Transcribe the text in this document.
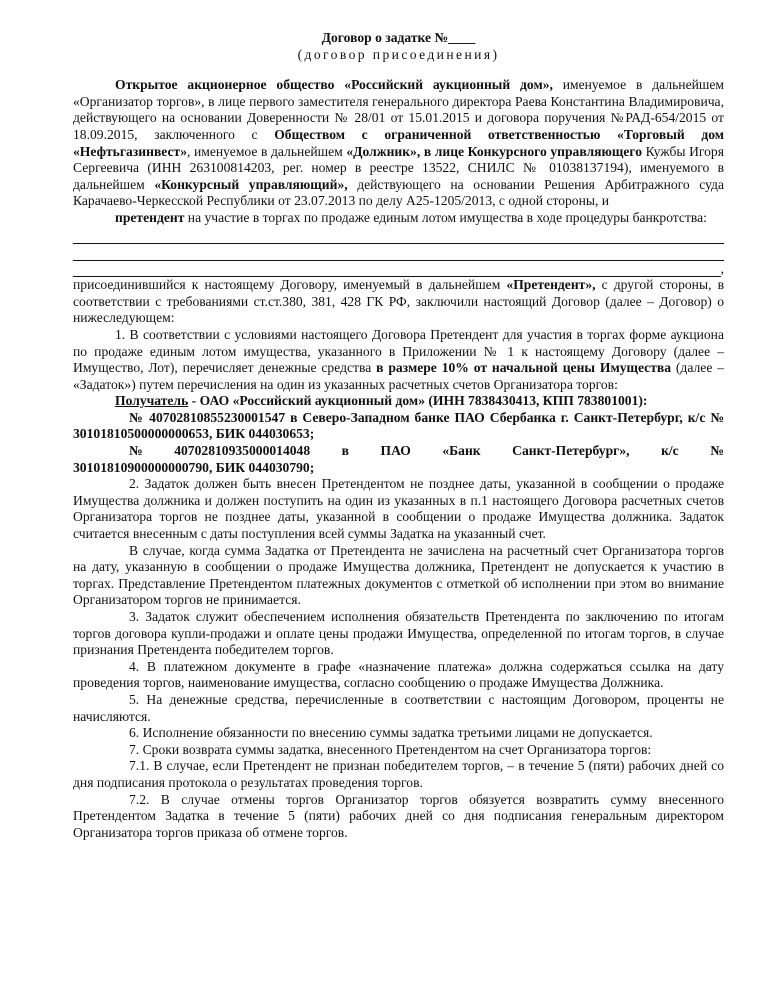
Договор о задатке №____

(договор присоединения)

Открытое акционерное общество «Российский аукционный дом», именуемое в дальнейшем «Организатор торгов», в лице первого заместителя генерального директора Раева Константина Владимировича, действующего на основании Доверенности № 28/01 от 15.01.2015 и договора поручения №РАД-654/2015 от 18.09.2015, заключенного с Обществом с ограниченной ответственностью «Торговый дом «Нефтьгазинвест», именуемое в дальнейшем «Должник», в лице Конкурсного управляющего Кужбы Игоря Сергеевича (ИНН 263100814203, рег. номер в реестре 13522, СНИЛС № 01038137194), именуемого в дальнейшем «Конкурсный управляющий», действующего на основании Решения Арбитражного суда Карачаево-Черкесской Республики от 23.07.2013 по делу А25-1205/2013, с одной стороны, и

претендент на участие в торгах по продаже единым лотом имущества в ходе процедуры банкротства:

,

присоединившийся к настоящему Договору, именуемый в дальнейшем «Претендент», с другой стороны, в соответствии с требованиями ст.ст.380, 381, 428 ГК РФ, заключили настоящий Договор (далее – Договор) о нижеследующем:

1. В соответствии с условиями настоящего Договора Претендент для участия в торгах форме аукциона по продаже единым лотом имущества, указанного в Приложении № 1 к настоящему Договору (далее – Имущество, Лот), перечисляет денежные средства в размере 10% от начальной цены Имущества (далее – «Задаток») путем перечисления на один из указанных расчетных счетов Организатора торгов:

Получатель - ОАО «Российский аукционный дом» (ИНН 7838430413, КПП 783801001):

№ 40702810855230001547 в Северо-Западном банке ПАО Сбербанка г. Санкт-Петербург, к/с № 30101810500000000653, БИК 044030653;

№ 40702810935000014048 в ПАО «Банк Санкт-Петербург», к/с №

30101810900000000790, БИК 044030790;

2. Задаток должен быть внесен Претендентом не позднее даты, указанной в сообщении о продаже Имущества должника и должен поступить на один из указанных в п.1 настоящего Договора расчетных счетов Организатора торгов не позднее даты, указанной в сообщении о продаже Имущества должника. Задаток считается внесенным с даты поступления всей суммы Задатка на указанный счет.

В случае, когда сумма Задатка от Претендента не зачислена на расчетный счет Организатора торгов на дату, указанную в сообщении о продаже Имущества должника, Претендент не допускается к участию в торгах. Представление Претендентом платежных документов с отметкой об исполнении при этом во внимание Организатором торгов не принимается.

3. Задаток служит обеспечением исполнения обязательств Претендента по заключению по итогам торгов договора купли-продажи и оплате цены продажи Имущества, определенной по итогам торгов, в случае признания Претендента победителем торгов.

4. В платежном документе в графе «назначение платежа» должна содержаться ссылка на дату проведения торгов, наименование имущества, согласно сообщению о продаже Имущества Должника.

5. На денежные средства, перечисленные в соответствии с настоящим Договором, проценты не начисляются.

6. Исполнение обязанности по внесению суммы задатка третьими лицами не допускается.

7. Сроки возврата суммы задатка, внесенного Претендентом на счет Организатора торгов:

7.1. В случае, если Претендент не признан победителем торгов, – в течение 5 (пяти) рабочих дней со дня подписания протокола о результатах проведения торгов.

7.2. В случае отмены торгов Организатор торгов обязуется возвратить сумму внесенного Претендентом Задатка в течение 5 (пяти) рабочих дней со дня подписания генеральным директором Организатора торгов приказа об отмене торгов.
